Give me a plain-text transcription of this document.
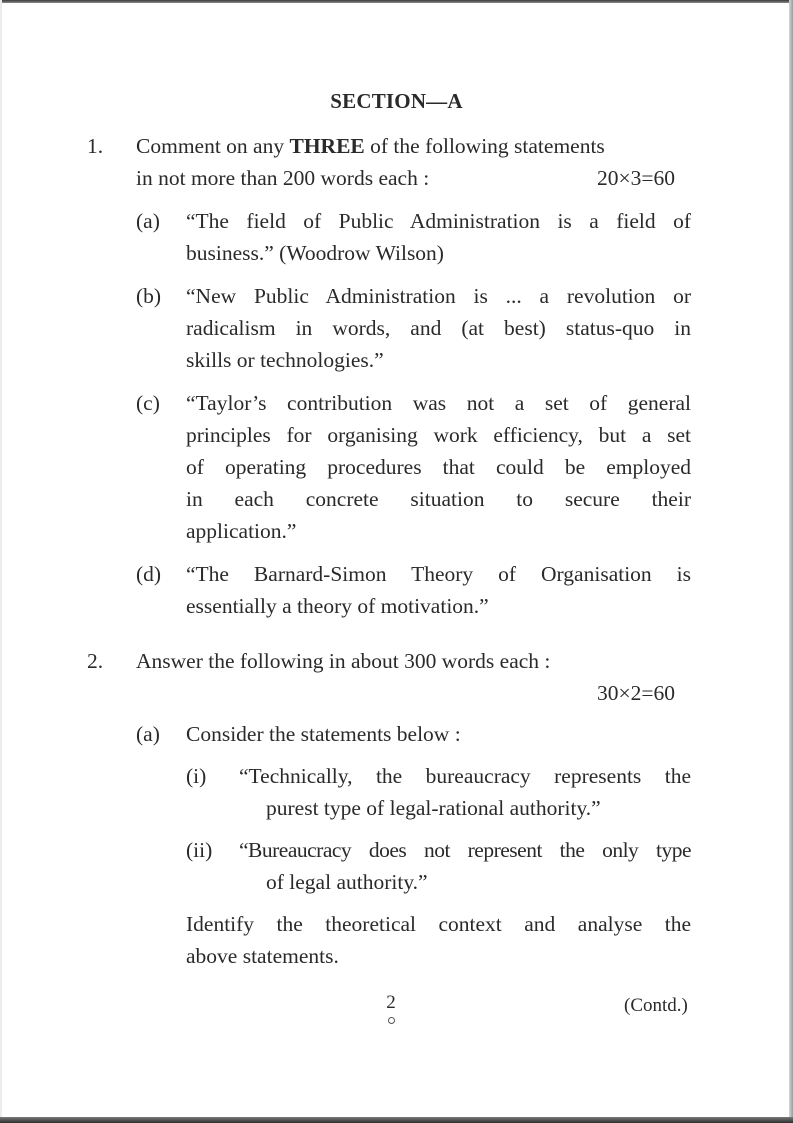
SECTION—A
1. Comment on any THREE of the following statements
in not more than 200 words each :	20×3=60
(a) “The field of Public Administration is a field of
business.” (Woodrow Wilson)
(b) “New Public Administration is ... a revolution or
radicalism in words, and (at best) status-quo in
skills or technologies.”
(c) “Taylor’s contribution was not a set of general
principles for organising work efficiency, but a set
of operating procedures that could be employed
in each concrete situation to secure their
application.”
(d) “The Barnard-Simon Theory of Organisation is
essentially a theory of motivation.”
2. Answer the following in about 300 words each :
30×2=60
(a) Consider the statements below :
(i) “Technically, the bureaucracy represents the
purest type of legal-rational authority.”
(ii) “Bureaucracy does not represent the only type
of legal authority.”
Identify the theoretical context and analyse the
above statements.
2	(Contd.)
